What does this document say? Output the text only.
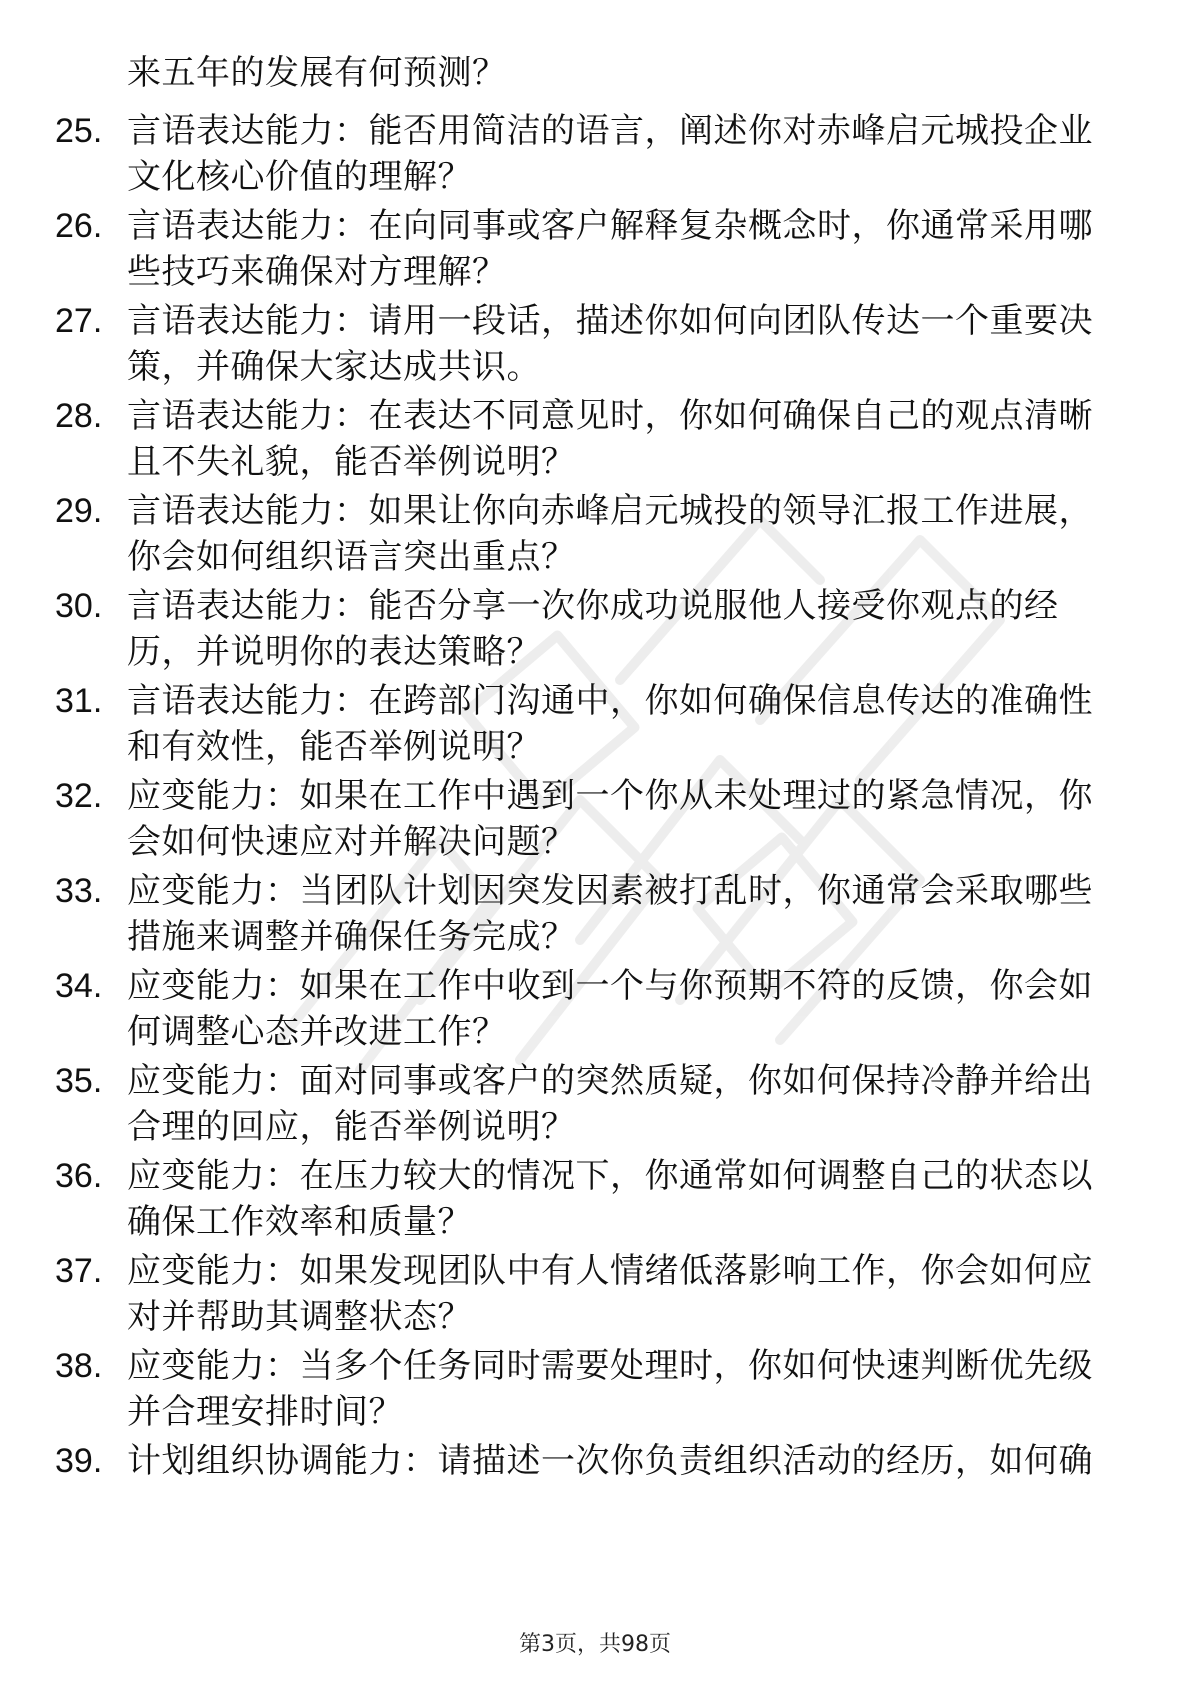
来五年的发展有何预测？
25. 言语表达能力：能否用简洁的语言，阐述你对赤峰启元城投企业
文化核心价值的理解？
26. 言语表达能力：在向同事或客户解释复杂概念时，你通常采用哪
些技巧来确保对方理解？
27. 言语表达能力：请用一段话，描述你如何向团队传达一个重要决
策，并确保大家达成共识。
28. 言语表达能力：在表达不同意见时，你如何确保自己的观点清晰
且不失礼貌，能否举例说明？
29. 言语表达能力：如果让你向赤峰启元城投的领导汇报工作进展，
你会如何组织语言突出重点？
30. 言语表达能力：能否分享一次你成功说服他人接受你观点的经
历，并说明你的表达策略？
31. 言语表达能力：在跨部门沟通中，你如何确保信息传达的准确性
和有效性，能否举例说明？
32. 应变能力：如果在工作中遇到一个你从未处理过的紧急情况，你
会如何快速应对并解决问题？
33. 应变能力：当团队计划因突发因素被打乱时，你通常会采取哪些
措施来调整并确保任务完成？
34. 应变能力：如果在工作中收到一个与你预期不符的反馈，你会如
何调整心态并改进工作？
35. 应变能力：面对同事或客户的突然质疑，你如何保持冷静并给出
合理的回应，能否举例说明？
36. 应变能力：在压力较大的情况下，你通常如何调整自己的状态以
确保工作效率和质量？
37. 应变能力：如果发现团队中有人情绪低落影响工作，你会如何应
对并帮助其调整状态？
38. 应变能力：当多个任务同时需要处理时，你如何快速判断优先级
并合理安排时间？
39. 计划组织协调能力：请描述一次你负责组织活动的经历，如何确
第3页，共98页
